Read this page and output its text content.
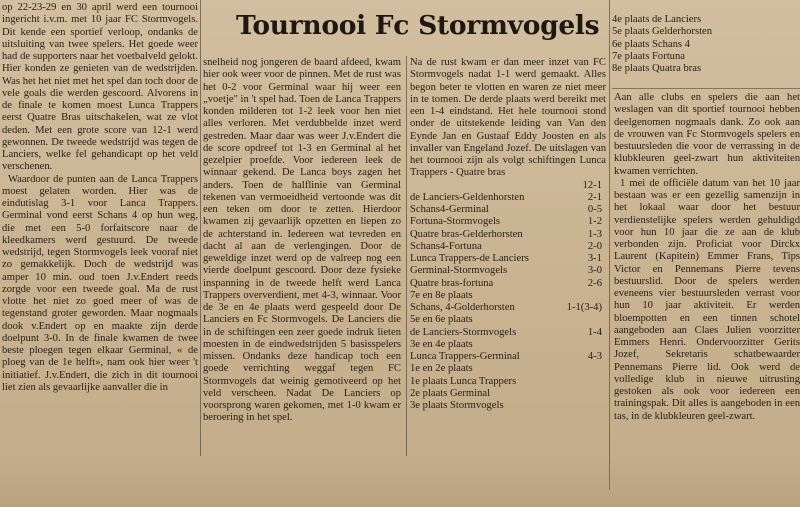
Tournooi Fc Stormvogels

op 22-23-29 en 30 april werd een tournooi ingericht i.v.m. met 10 jaar FC Stormvogels. Dit kende een sportief verloop, ondanks de uitsluiting van twee spelers. Het goede weer had de supporters naar het voetbalveld gelokt. Hier konden ze genieten van de wedstrijden. Was het het niet met het spel dan toch door de vele goals die werden gescoord. Alvorens in de finale te komen moest Lunca Trappers eerst Quatre Bras uitschakelen, wat ze vlot deden. Met een grote score van 12-1 werd gewonnen. De tweede wedstrijd was tegen de Lanciers, welke fel gehandicapt op het veld verschenen.

Waardoor de punten aan de Lanca Trappers moest gelaten worden. Hier was de eindutislag 3-1 voor Lanca Trappers. Germinal vond eerst Schans 4 op hun weg, die met een 5-0 forfaitscore naar de kleedkamers werd gestuurd. De tweede wedstrijd, tegen Stormvogels leek vooraf niet zo gemakkelijk. Doch de wedstrijd was amper 10 min. oud toen J.v.Endert reeds zorgde voor een tweede goal. Ma de rust vlotte het niet zo goed meer of was de tegenstand groter geworden. Maar nogmaals dook v.Endert op en maakte zijn derde doelpunt 3-0. In de finale kwamen de twee beste ploegen tegen elkaar Germinal, « de ploeg van de 1e helft», nam ook hier weer 't initiatief. J.v.Endert, die zich in dit tournooi liet zien als gevaarlijke aanvaller die in

snelheid nog jongeren de baard afdeed, kwam hier ook weer voor de pinnen. Met de rust was het 0-2 voor Germinal waar hij weer een „voetje" in 't spel had. Toen de Lanca Trappers konden milderen tot 1-2 leek voor hen niet alles verloren. Met verdubbelde inzet werd gestreden. Maar daar was weer J.v.Endert die de score opdreef tot 1-3 en Germinal al het gezelpier proefde. Voor iedereen leek de winnaar gekend. De Lanca boys zagen het anders. Toen de halflinie van Germinal tekenen van vermoeidheid vertoonde was dit een teken om door te zetten. Hierdoor kwamen zij gevaarlijk opzetten en liepen zo de achterstand in. Iedereen wat tevreden en dacht al aan de verlengingen. Door de geweldige inzet werd op de valreep nog een vierde doelpunt gescoord. Door deze fysieke inspanning in de tweede helft werd Lanca Trappers oververdient, met 4-3, winnaar. Voor de 3e en 4e plaats werd gespeeld door De Lanciers en Fc Stormvogels. De Lanciers die in de schiftingen een zeer goede indruk lieten moesten in de eindwedstrijden 5 basisspelers missen. Ondanks deze handicap toch een goede verrichting weggaf tegen FC Stormvogels dat weinig gemotiveerd op het veld verscheen. Nadat De Lanciers op voorsprong waren gekomen, met 1-0 kwam er beroering in het spel.

Na de rust kwam er dan meer inzet van FC Stormvogels nadat 1-1 werd gemaakt. Alles begon beter te vlotten en waren ze niet meer in te tomen. De derde plaats werd bereikt met een 1-4 eindstand. Het hele tournooi stond onder de uitstekende leiding van Van den Eynde Jan en Gustaaf Eddy Joosten en als invaller van Engeland Jozef. De uitslagen van het tournooi zijn als volgt schiftingen Lunca Trappers - Quatre bras

12-1
de Lanciers-Geldenhorsten	2-1
Schans4-Germinal	0-5
Fortuna-Stormvogels	1-2
Quatre bras-Gelderhorsten	1-3
Schans4-Fortuna	2-0
Lunca Trappers-de Lanciers	3-1
Germinal-Stormvogels	3-0
Quatre bras-fortuna	2-6
7e en 8e plaats
Schans, 4-Golderhorsten	1-1(3-4)
5e en 6e plaats
de Lanciers-Stormvogels	1-4
3e en 4e plaats
Lunca Trappers-Germinal	4-3
1e en 2e plaats
1e plaats Lunca Trappers
2e plaats Germinal
3e plaats Stormvogels
4e plaats de Lanciers
5e plaats Gelderhorsten
6e plaats Schans 4
7e plaats Fortuna
8e plaats Quatra bras

Aan alle clubs en spelers die aan het weslagen van dit sportief tournooi hebben deelgenomen nogmaals dank. Zo ook aan de vrouwen van Fc Stormvogels spelers en bestuursleden die voor de verrassing in de klubkleuren geel-zwart hun aktiviteiten kwamen verrichten.

1 mei de officiële datum van het 10 jaar bestaan was er een gezellig samenzijn in het lokaal waar door het bestuur verdienstelijke spelers werden gehuldigd voor hun 10 jaar die ze aan de klub verbonden zijn. Proficiat voor Dirckx Laurent (Kapitein) Emmer Frans, Tips Victor en Pennemans Pierre tevens bestuurslid. Door de spelers werden eveneens vier bestuursleden verrast voor hun 10 jaar aktiviteit. Er werden bloempotten en een tinnen schotel aangeboden aan Claes Julien voorzitter Emmers Henri. Ondervoorzitter Gerits Jozef, Sekretaris schatbewaarder Pennemans Pierre lid. Ook werd de volledige klub in nieuwe uitrusting gestoken als ook voor iedereen een trainingspak. Dit alles is aangeboden in een tas, in de klubkleuren geel-zwart.
